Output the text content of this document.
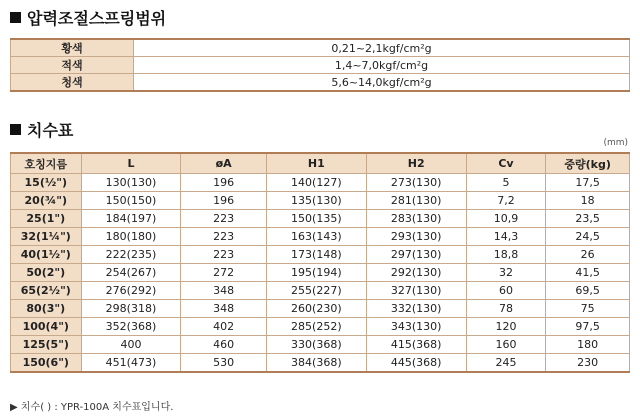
압력조절스프링범위
황색	0,21~2,1kgf/cm²g
적색	1,4~7,0kgf/cm²g
청색	5,6~14,0kgf/cm²g
치수표
(mm)
호칭지름	L	øA	H1	H2	Cv	중량(kg)
15(½")	130(130)	196	140(127)	273(130)	5	17,5
20(¾")	150(150)	196	135(130)	281(130)	7,2	18
25(1")	184(197)	223	150(135)	283(130)	10,9	23,5
32(1¼")	180(180)	223	163(143)	293(130)	14,3	24,5
40(1½")	222(235)	223	173(148)	297(130)	18,8	26
50(2")	254(267)	272	195(194)	292(130)	32	41,5
65(2½")	276(292)	348	255(227)	327(130)	60	69,5
80(3")	298(318)	348	260(230)	332(130)	78	75
100(4")	352(368)	402	285(252)	343(130)	120	97,5
125(5")	400	460	330(368)	415(368)	160	180
150(6")	451(473)	530	384(368)	445(368)	245	230
▶ 치수( ) : YPR-100A 치수표입니다.
